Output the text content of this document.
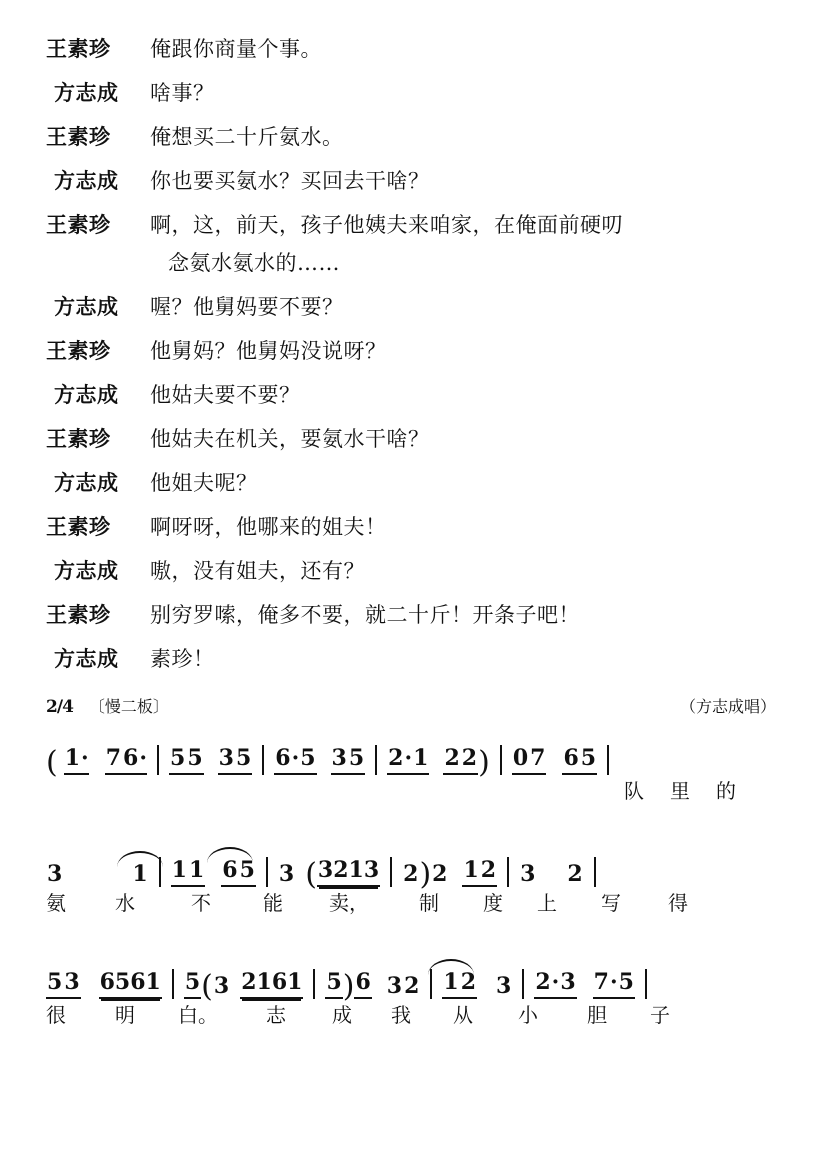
王素珍	俺跟你商量个事。
方志成	啥事？
王素珍	俺想买二十斤氨水。
方志成	你也要买氨水？买回去干啥？
王素珍	啊，这，前天，孩子他姨夫来咱家，在俺面前硬叨
念氨水氨水的……
方志成	喔？他舅妈要不要？
王素珍	他舅妈？他舅妈没说呀？
方志成	他姑夫要不要？
王素珍	他姑夫在机关，要氨水干啥？
方志成	他姐夫呢？
王素珍	啊呀呀，他哪来的姐夫！
方志成	嗷，没有姐夫，还有？
王素珍	别穷罗嗦，俺多不要，就二十斤！开条子吧！
方志成	素珍！
2/4 〔慢二板〕	（方志成唱）
( 1 ·	7 6 ·	5 5 3 5 6 · 5 3 5 2 · 1 2 2 ) 0 7 6 5
队 里 的
3	1 1 1 6 5 3 ( 3213 2 ) 2 1 2 3 2
氨	水	不	能	卖，	制	度	上	写	得
5 3 6561 5 ( 3 2161 5 ) 6 3 2 1 2 3 2 · 3 7 · 5
很	明	白。	志	成	我	从	小	胆	子
